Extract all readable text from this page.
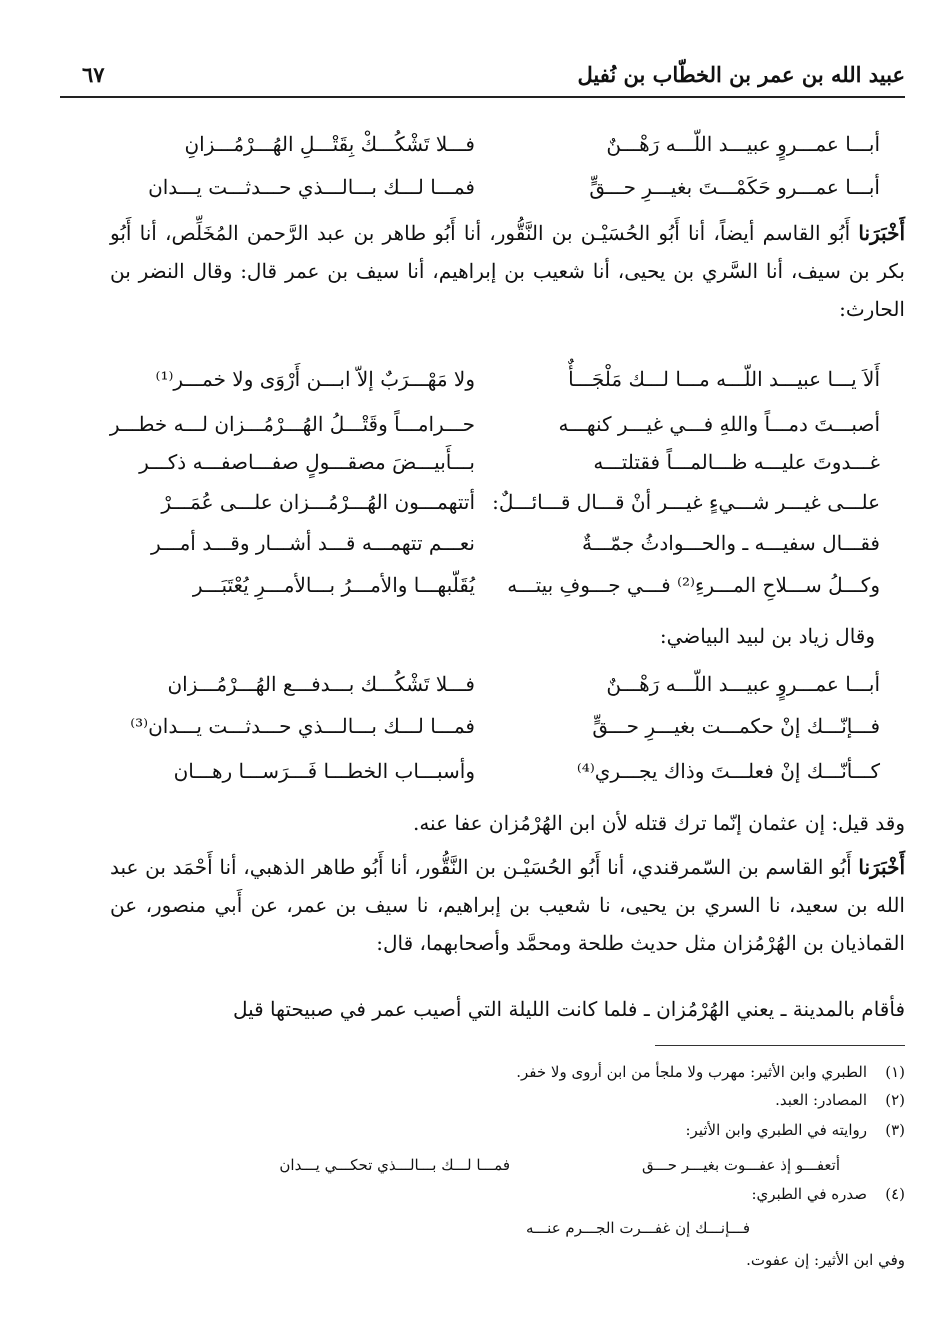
عبيد الله بن عمر بن الخطّاب بن نُفيل
٦٧
أبـــا عمـــروٍ عبيـــد اللّـــه رَهْـــنٌ
فـــلا تَشْكُـــكْ بِقَتْـــلِ الهُـــرْمُـــزانِ
أبـــا عمـــرو حَكَمْـــتَ بغيـــرِ حـــقٍّ
فمـــا لـــك بـــالـــذي حـــدثـــت يـــدان
أَخْبَرَنا أَبُو القاسم أيضاً، أنا أَبُو الحُسَيْـن بن النَّقُّور، أنا أَبُو طاهر بن عبد الرَّحمن المُخَلِّص، أنا أَبُو بكر بن سيف، أنا السَّري بن يحيى، أنا شعيب بن إبراهيم، أنا سيف بن عمر قال: وقال النضر بن الحارث:
أَلاَ يـــا عبيـــد اللّـــه مـــا لـــك مَلْجَـــأٌ
ولا مَهْـــرَبٌ إلاّ ابـــن أَرْوَى ولا خمـــر⁽¹⁾
أصبـــتَ دمـــاً واللهِ فـــي غيـــر كنهـــه
حـــرامـــاً وقَتْـــلُ الهُـــرْمُـــزان لـــه خطـــر
غـــدوتَ عليـــه ظـــالمـــاً فقتلتـــه
بـــأَبيـــضَ مصقـــولٍ صفـــاصفـــه ذكـــر
علـــى غيـــر شـــيءٍ غيـــر أنْ قـــال قـــائـــلٌ:
أتتهمـــون الهُـــرْمُـــزان علـــى عُمَـــرْ
فقـــال سفيـــه ـ والحـــوادثُ جمّـــةٌ
نعـــم تتهمـــه قـــد أشـــار وقـــد أمـــر
وكـــلُ ســـلاحِ المـــرءِ⁽²⁾ فـــي جـــوفِ بيتـــه
يُقَلّبهـــا والأمـــرُ بـــالأمـــرِ يُعْتَبَـــر
وقال زياد بن لبيد البياضي:
أبـــا عمـــروٍ عبيـــد اللّـــه رَهْـــنٌ
فـــلا تَشْكُـــك بـــدفـــع الهُـــرْمُـــزان
فـــإنّـــك إنْ حكمـــت بغيـــرِ حـــقٍّ
فمـــا لـــك بـــالـــذي حـــدثـــت يـــدان⁽³⁾
كـــأنّـــك إنْ فعلـــتَ وذاك يجـــري⁽⁴⁾
وأسبـــاب الخطـــا فَـــرَســـا رهـــان
وقد قيل: إن عثمان إنّما ترك قتله لأن ابن الهُرْمُزان عفا عنه.
أَخْبَرَنا أَبُو القاسم بن السّمرقندي، أنا أَبُو الحُسَيْـن بن النَّقُّور، أنا أَبُو طاهر الذهبي، أنا أَحْمَد بن عبد الله بن سعيد، نا السري بن يحيى، نا شعيب بن إبراهيم، نا سيف بن عمر، عن أَبي منصور، عن القماذيان بن الهُرْمُزان مثل حديث طلحة ومحمَّد وأصحابهما، قال:
فأقام بالمدينة ـ يعني الهُرْمُزان ـ فلما كانت الليلة التي أصيب عمر في صبيحتها قيل
(١)الطبري وابن الأثير: مهرب ولا ملجأ من ابن أروى ولا خفر.
(٢)المصادر: العبد.
(٣)روايته في الطبري وابن الأثير:
أتعفـــو إذ عفـــوت بغيـــر حـــق
فمـــا لـــك بـــالـــذي تحكـــي يـــدان
(٤)صدره في الطبري:
فـــإنـــك إن غفـــرت الجـــرم عنـــه
وفي ابن الأثير: إن عفوت.
